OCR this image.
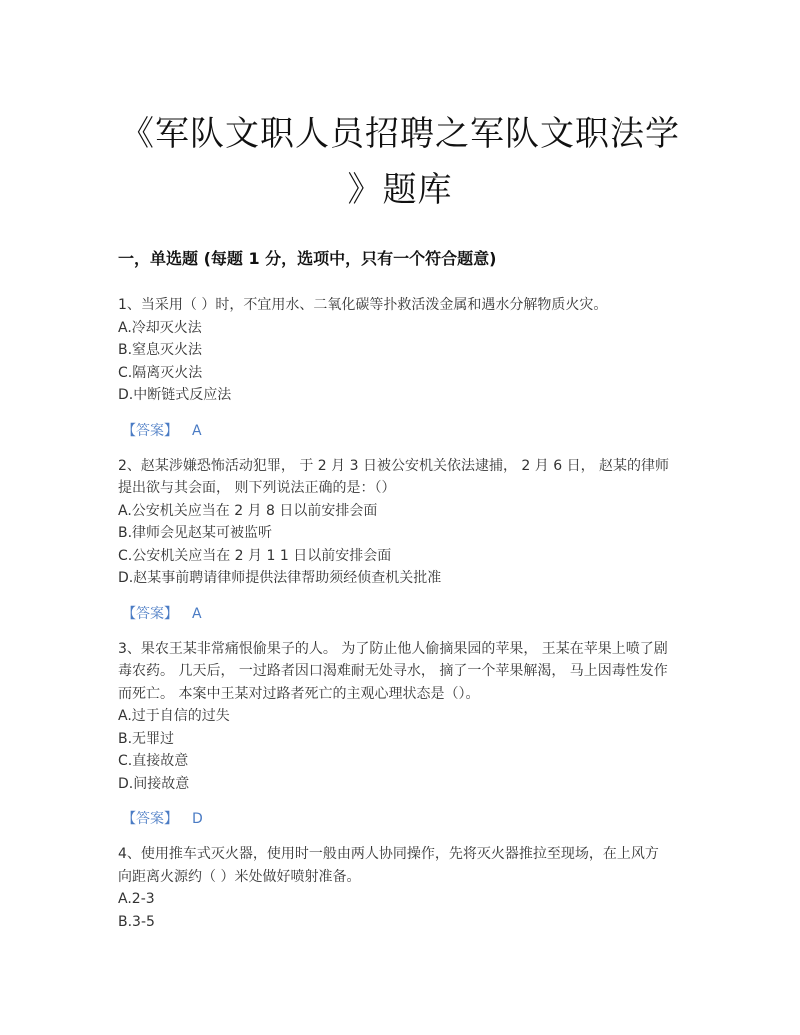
《军队文职人员招聘之军队文职法学
》题库
一，单选题 (每题 1 分，选项中，只有一个符合题意)

1、当采用（ ）时，不宜用水、二氧化碳等扑救活泼金属和遇水分解物质火灾。

A.冷却灭火法

B.窒息灭火法

C.隔离灭火法

D.中断链式反应法

【答案】 A

2、赵某涉嫌恐怖活动犯罪， 于 2 月 3 日被公安机关依法逮捕， 2 月 6 日， 赵某的律师

提出欲与其会面， 则下列说法正确的是：（）

A.公安机关应当在 2 月 8 日以前安排会面

B.律师会见赵某可被监听

C.公安机关应当在 2 月 1 1 日以前安排会面

D.赵某事前聘请律师提供法律帮助须经侦查机关批准

【答案】 A

3、果农王某非常痛恨偷果子的人。 为了防止他人偷摘果园的苹果， 王某在苹果上喷了剧

毒农药。 几天后， 一过路者因口渴难耐无处寻水， 摘了一个苹果解渴， 马上因毒性发作

而死亡。 本案中王某对过路者死亡的主观心理状态是（）。

A.过于自信的过失

B.无罪过

C.直接故意

D.间接故意

【答案】 D

4、使用推车式灭火器，使用时一般由两人协同操作，先将灭火器推拉至现场，在上风方

向距离火源约（ ）米处做好喷射准备。

A.2-3

B.3-5
